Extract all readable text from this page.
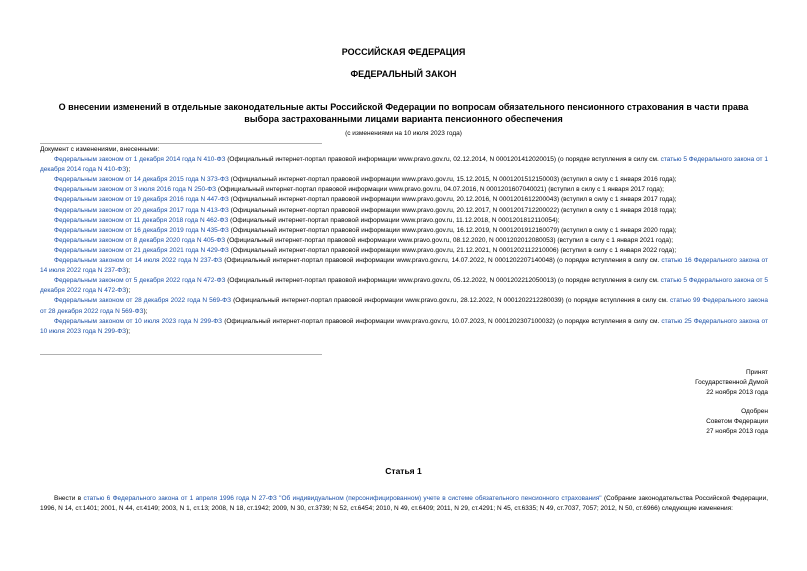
РОССИЙСКАЯ ФЕДЕРАЦИЯ
ФЕДЕРАЛЬНЫЙ ЗАКОН
О внесении изменений в отдельные законодательные акты Российской Федерации по вопросам обязательного пенсионного страхования в части права выбора застрахованными лицами варианта пенсионного обеспечения
(с изменениями на 10 июля 2023 года)

Документ с изменениями, внесенными:

Федеральным законом от 1 декабря 2014 года N 410-ФЗ (Официальный интернет-портал правовой информации www.pravo.gov.ru, 02.12.2014, N 0001201412020015) (о порядке вступления в силу см. статью 5 Федерального закона от 1 декабря 2014 года N 410-ФЗ);

Федеральным законом от 14 декабря 2015 года N 373-ФЗ (Официальный интернет-портал правовой информации www.pravo.gov.ru, 15.12.2015, N 0001201512150003) (вступил в силу с 1 января 2016 года);

Федеральным законом от 3 июля 2016 года N 250-ФЗ (Официальный интернет-портал правовой информации www.pravo.gov.ru, 04.07.2016, N 0001201607040021) (вступил в силу с 1 января 2017 года);

Федеральным законом от 19 декабря 2016 года N 447-ФЗ (Официальный интернет-портал правовой информации www.pravo.gov.ru, 20.12.2016, N 0001201612200043) (вступил в силу с 1 января 2017 года);

Федеральным законом от 20 декабря 2017 года N 413-ФЗ (Официальный интернет-портал правовой информации www.pravo.gov.ru, 20.12.2017, N 0001201712200022) (вступил в силу с 1 января 2018 года);

Федеральным законом от 11 декабря 2018 года N 462-ФЗ (Официальный интернет-портал правовой информации www.pravo.gov.ru, 11.12.2018, N 0001201812110054);

Федеральным законом от 16 декабря 2019 года N 435-ФЗ (Официальный интернет-портал правовой информации www.pravo.gov.ru, 16.12.2019, N 0001201912160079) (вступил в силу с 1 января 2020 года);

Федеральным законом от 8 декабря 2020 года N 405-ФЗ (Официальный интернет-портал правовой информации www.pravo.gov.ru, 08.12.2020, N 0001202012080053) (вступил в силу с 1 января 2021 года);

Федеральным законом от 21 декабря 2021 года N 429-ФЗ (Официальный интернет-портал правовой информации www.pravo.gov.ru, 21.12.2021, N 0001202112210006) (вступил в силу с 1 января 2022 года);

Федеральным законом от 14 июля 2022 года N 237-ФЗ (Официальный интернет-портал правовой информации www.pravo.gov.ru, 14.07.2022, N 0001202207140048) (о порядке вступления в силу см. статью 16 Федерального закона от 14 июля 2022 года N 237-ФЗ);

Федеральным законом от 5 декабря 2022 года N 472-ФЗ (Официальный интернет-портал правовой информации www.pravo.gov.ru, 05.12.2022, N 0001202212050013) (о порядке вступления в силу см. статью 5 Федерального закона от 5 декабря 2022 года N 472-ФЗ);

Федеральным законом от 28 декабря 2022 года N 569-ФЗ (Официальный интернет-портал правовой информации www.pravo.gov.ru, 28.12.2022, N 0001202212280039) (о порядке вступления в силу см. статью 99 Федерального закона от 28 декабря 2022 года N 569-ФЗ);

Федеральным законом от 10 июля 2023 года N 299-ФЗ (Официальный интернет-портал правовой информации www.pravo.gov.ru, 10.07.2023, N 0001202307100032) (о порядке вступления в силу см. статью 25 Федерального закона от 10 июля 2023 года N 299-ФЗ);

Принят
Государственной Думой
22 ноября 2013 года
Одобрен
Советом Федерации
27 ноября 2013 года
Статья 1

Внести в статью 6 Федерального закона от 1 апреля 1996 года N 27-ФЗ "Об индивидуальном (персонифицированном) учете в системе обязательного пенсионного страхования" (Собрание законодательства Российской Федерации, 1996, N 14, ст.1401; 2001, N 44, ст.4149; 2003, N 1, ст.13; 2008, N 18, ст.1942; 2009, N 30, ст.3739; N 52, ст.6454; 2010, N 49, ст.6409; 2011, N 29, ст.4291; N 45, ст.6335; N 49, ст.7037, 7057; 2012, N 50, ст.6966) следующие изменения:
